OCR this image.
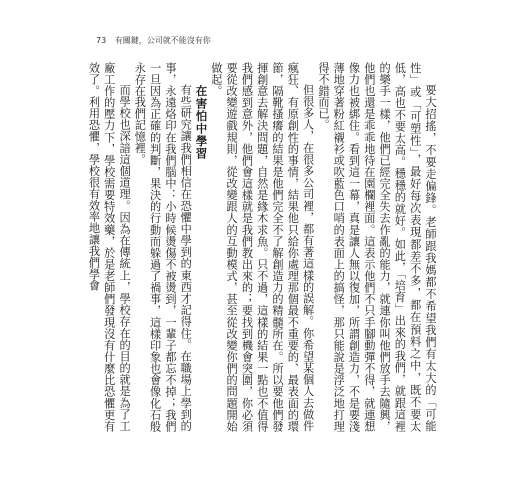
73 有關鍵，公司就不能沒有你

要大招搖，不要走偏鋒。老師跟我媽都不希望我們有太大的「可能性」或「可塑性」，最好每次表現都差不多，都在預料之中，既不要太低，高也不要太高。穩穩的就好。如此，「培育」出來的我們，就跟這裡的樂手一樣，他們已經完全失去作亂的能力，就連你叫他們放手去隨興，他們也還是乖乖地待在園欄裡面。這表示他們不只手腳動彈不得，就連想像力也被綁住。看到這一幕，真是讓人無以復加，所謂創造力，不是要淺薄地穿著粉紅襯衫或吹藍色口哨的表面上的搞怪，那只能說是浮泛地打理得不錯而已。

但很多人，在很多公司裡，都有著這樣的誤解。你希望某個人去做件瘋狂、有原創性的事情，結果他只給你處理那個最不重要的、最表面的環節，隔靴搔癢的結果是他們完全不了解創造力的精髓所在。所以要他們發揮創意去解決問題，自然是緣木求魚。只不過，這樣的結果一點也不值得我們感到意外，他們會這樣就是我們教出來的；要找到機會突圍，你必須要從改變遊戲規則，從改變跟人的互動模式，甚至從改變你們的問題開始做起。

在害怕中學習

有些研究讓我們相信在恐懼中學到的東西才記得住。在職場上學到的事，永遠烙印在我們腦中：小時候燙傷不被燙到，一輩子都忘不掉；我們一旦因為正確的判斷，果決的行動而躲過了禍事，這樣印象也會像化石般永存在我們記憶裡。

而學校也深諳這個道理。因為在傳統上，學校存在的目的就是為了工廠工作的壓力下，學校需要特效藥，於是老師們發現沒有什麼比恐懼更有效了。利用恐懼，學校很有效率地讓我們學會
